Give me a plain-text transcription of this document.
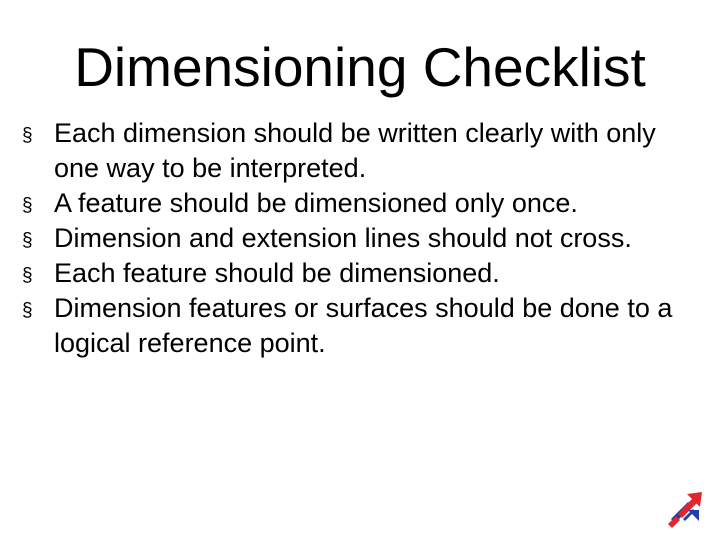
Dimensioning Checklist
§ Each dimension should be written clearly with only one way to be interpreted.
§ A feature should be dimensioned only once.
§ Dimension and extension lines should not cross.
§ Each feature should be dimensioned.
§ Dimension features or surfaces should be done to a logical reference point.
